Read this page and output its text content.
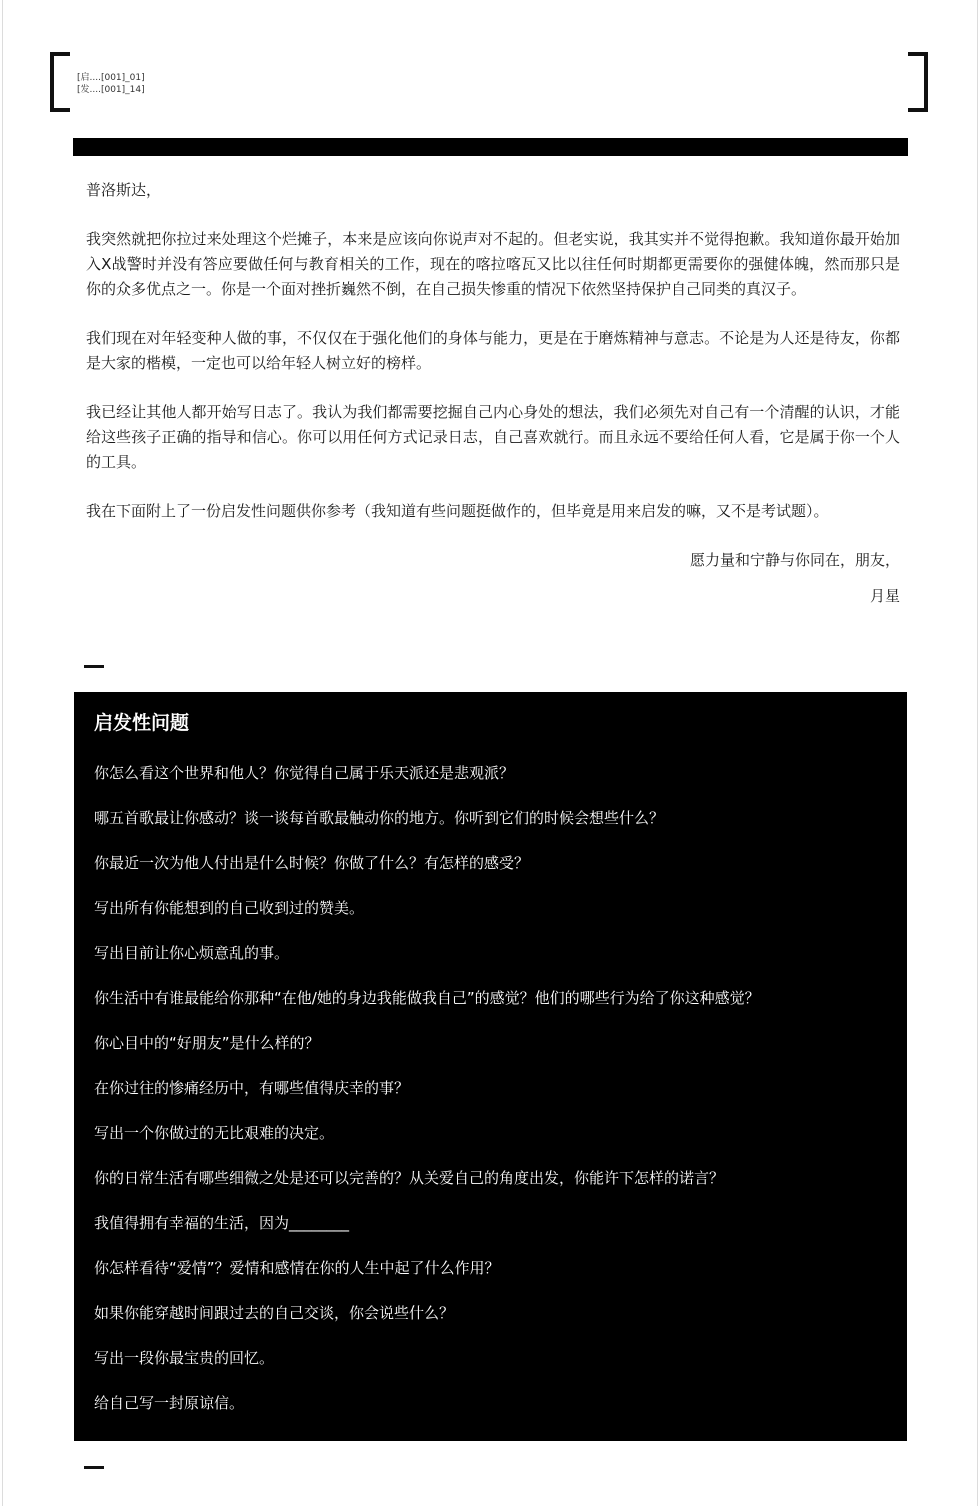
[启....[001]_01]
[发....[001]_14]

普洛斯达，

我突然就把你拉过来处理这个烂摊子，本来是应该向你说声对不起的。但老实说，我其实并不觉得抱歉。我知道你最开始加入X战警时并没有答应要做任何与教育相关的工作，现在的喀拉喀瓦又比以往任何时期都更需要你的强健体魄，然而那只是你的众多优点之一。你是一个面对挫折巍然不倒，在自己损失惨重的情况下依然坚持保护自己同类的真汉子。

我们现在对年轻变种人做的事，不仅仅在于强化他们的身体与能力，更是在于磨炼精神与意志。不论是为人还是待友，你都是大家的楷模，一定也可以给年轻人树立好的榜样。

我已经让其他人都开始写日志了。我认为我们都需要挖掘自己内心身处的想法，我们必须先对自己有一个清醒的认识，才能给这些孩子正确的指导和信心。你可以用任何方式记录日志，自己喜欢就行。而且永远不要给任何人看，它是属于你一个人的工具。

我在下面附上了一份启发性问题供你参考（我知道有些问题挺做作的，但毕竟是用来启发的嘛，又不是考试题）。

愿力量和宁静与你同在，朋友，

月星

启发性问题
你怎么看这个世界和他人？你觉得自己属于乐天派还是悲观派？
哪五首歌最让你感动？谈一谈每首歌最触动你的地方。你听到它们的时候会想些什么？
你最近一次为他人付出是什么时候？你做了什么？有怎样的感受？
写出所有你能想到的自己收到过的赞美。
写出目前让你心烦意乱的事。
你生活中有谁最能给你那种“在他/她的身边我能做我自己”的感觉？他们的哪些行为给了你这种感觉？
你心目中的“好朋友”是什么样的？
在你过往的惨痛经历中，有哪些值得庆幸的事？
写出一个你做过的无比艰难的决定。
你的日常生活有哪些细微之处是还可以完善的？从关爱自己的角度出发，你能许下怎样的诺言？
我值得拥有幸福的生活，因为________
你怎样看待“爱情”？爱情和感情在你的人生中起了什么作用？
如果你能穿越时间跟过去的自己交谈，你会说些什么？
写出一段你最宝贵的回忆。
给自己写一封原谅信。
